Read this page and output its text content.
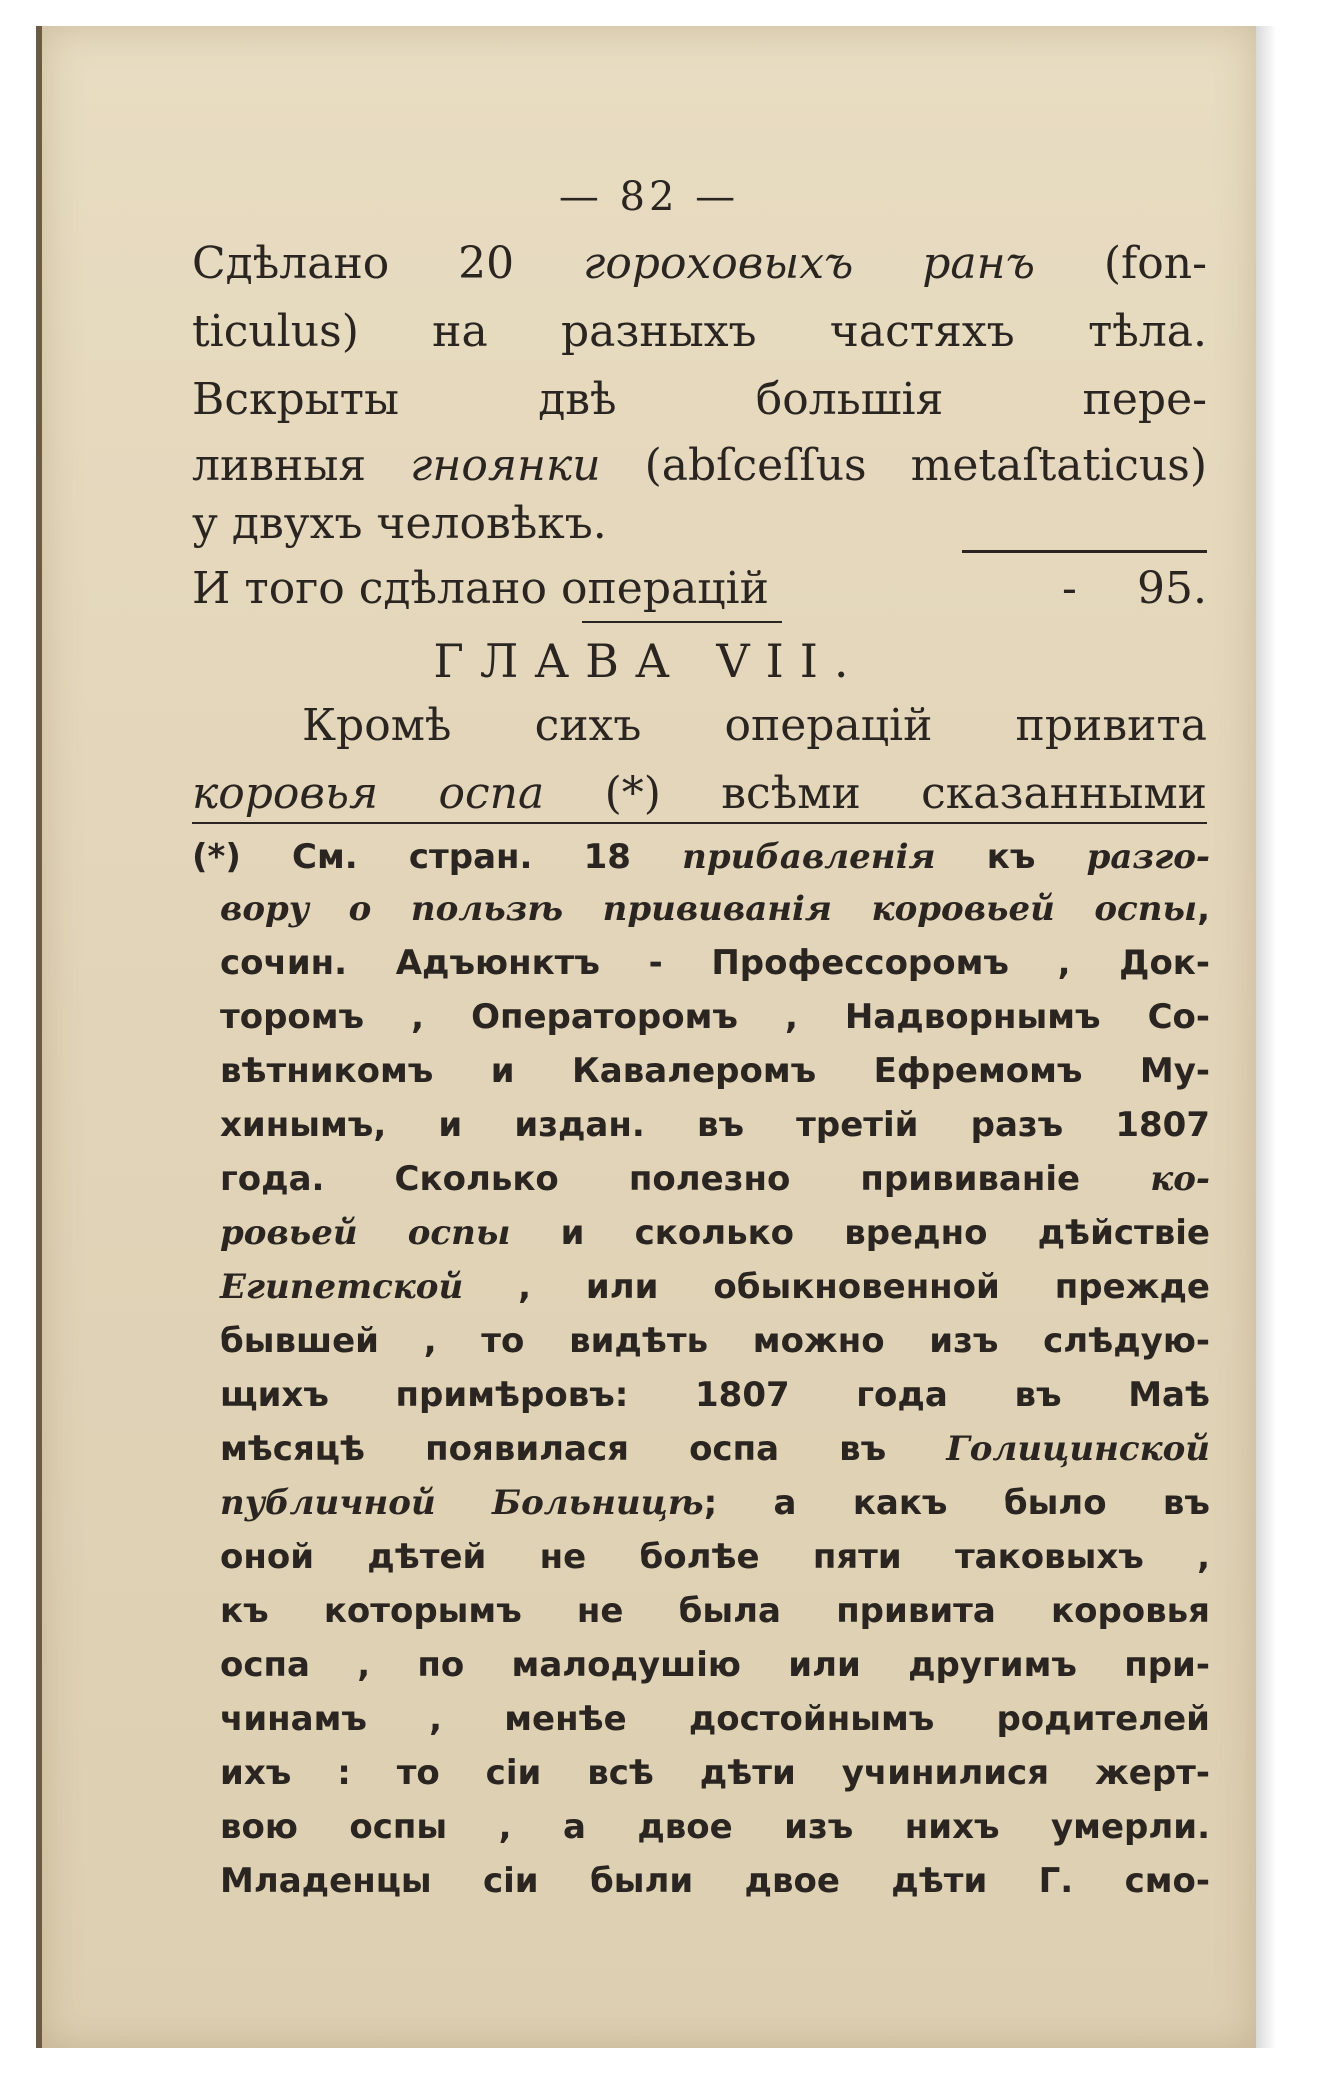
— 82 —
Сдѣлано 20 гороховыхъ ранъ (fon-
ticulus) на разныхъ частяхъ тѣла.
Вскрыты двѣ большія пере-
ливныя гноянки (abſceſſus metaſtaticus)
у двухъ человѣкъ.
И того сдѣлано операцій	- 95.
ГЛАВА VII.
Кромѣ сихъ операцій привита
коровья оспа (*) всѣми сказанными
(*) См. стран. 18 прибавленія къ разго-
вору о пользѣ прививанія коровьей оспы,
сочин. Адъюнктъ - Профессоромъ , Док-
торомъ , Операторомъ , Надворнымъ Со-
вѣтникомъ и Кавалеромъ Ефремомъ Му-
хинымъ, и издан. въ третій разъ 1807
года. Сколько полезно прививаніе ко-
ровьей оспы и сколько вредно дѣйствіе
Египетской , или обыкновенной прежде
бывшей , то видѣть можно изъ слѣдую-
щихъ примѣровъ: 1807 года въ Маѣ
мѣсяцѣ появилася оспа въ Голицинской
публичной Больницѣ; а какъ было въ
оной дѣтей не болѣе пяти таковыхъ ,
къ которымъ не была привита коровья
оспа , по малодушію или другимъ при-
чинамъ , менѣе достойнымъ родителей
ихъ : то сіи всѣ дѣти учинилися жерт-
вою оспы , а двое изъ нихъ умерли.
Младенцы сіи были двое дѣти Г. смо-
